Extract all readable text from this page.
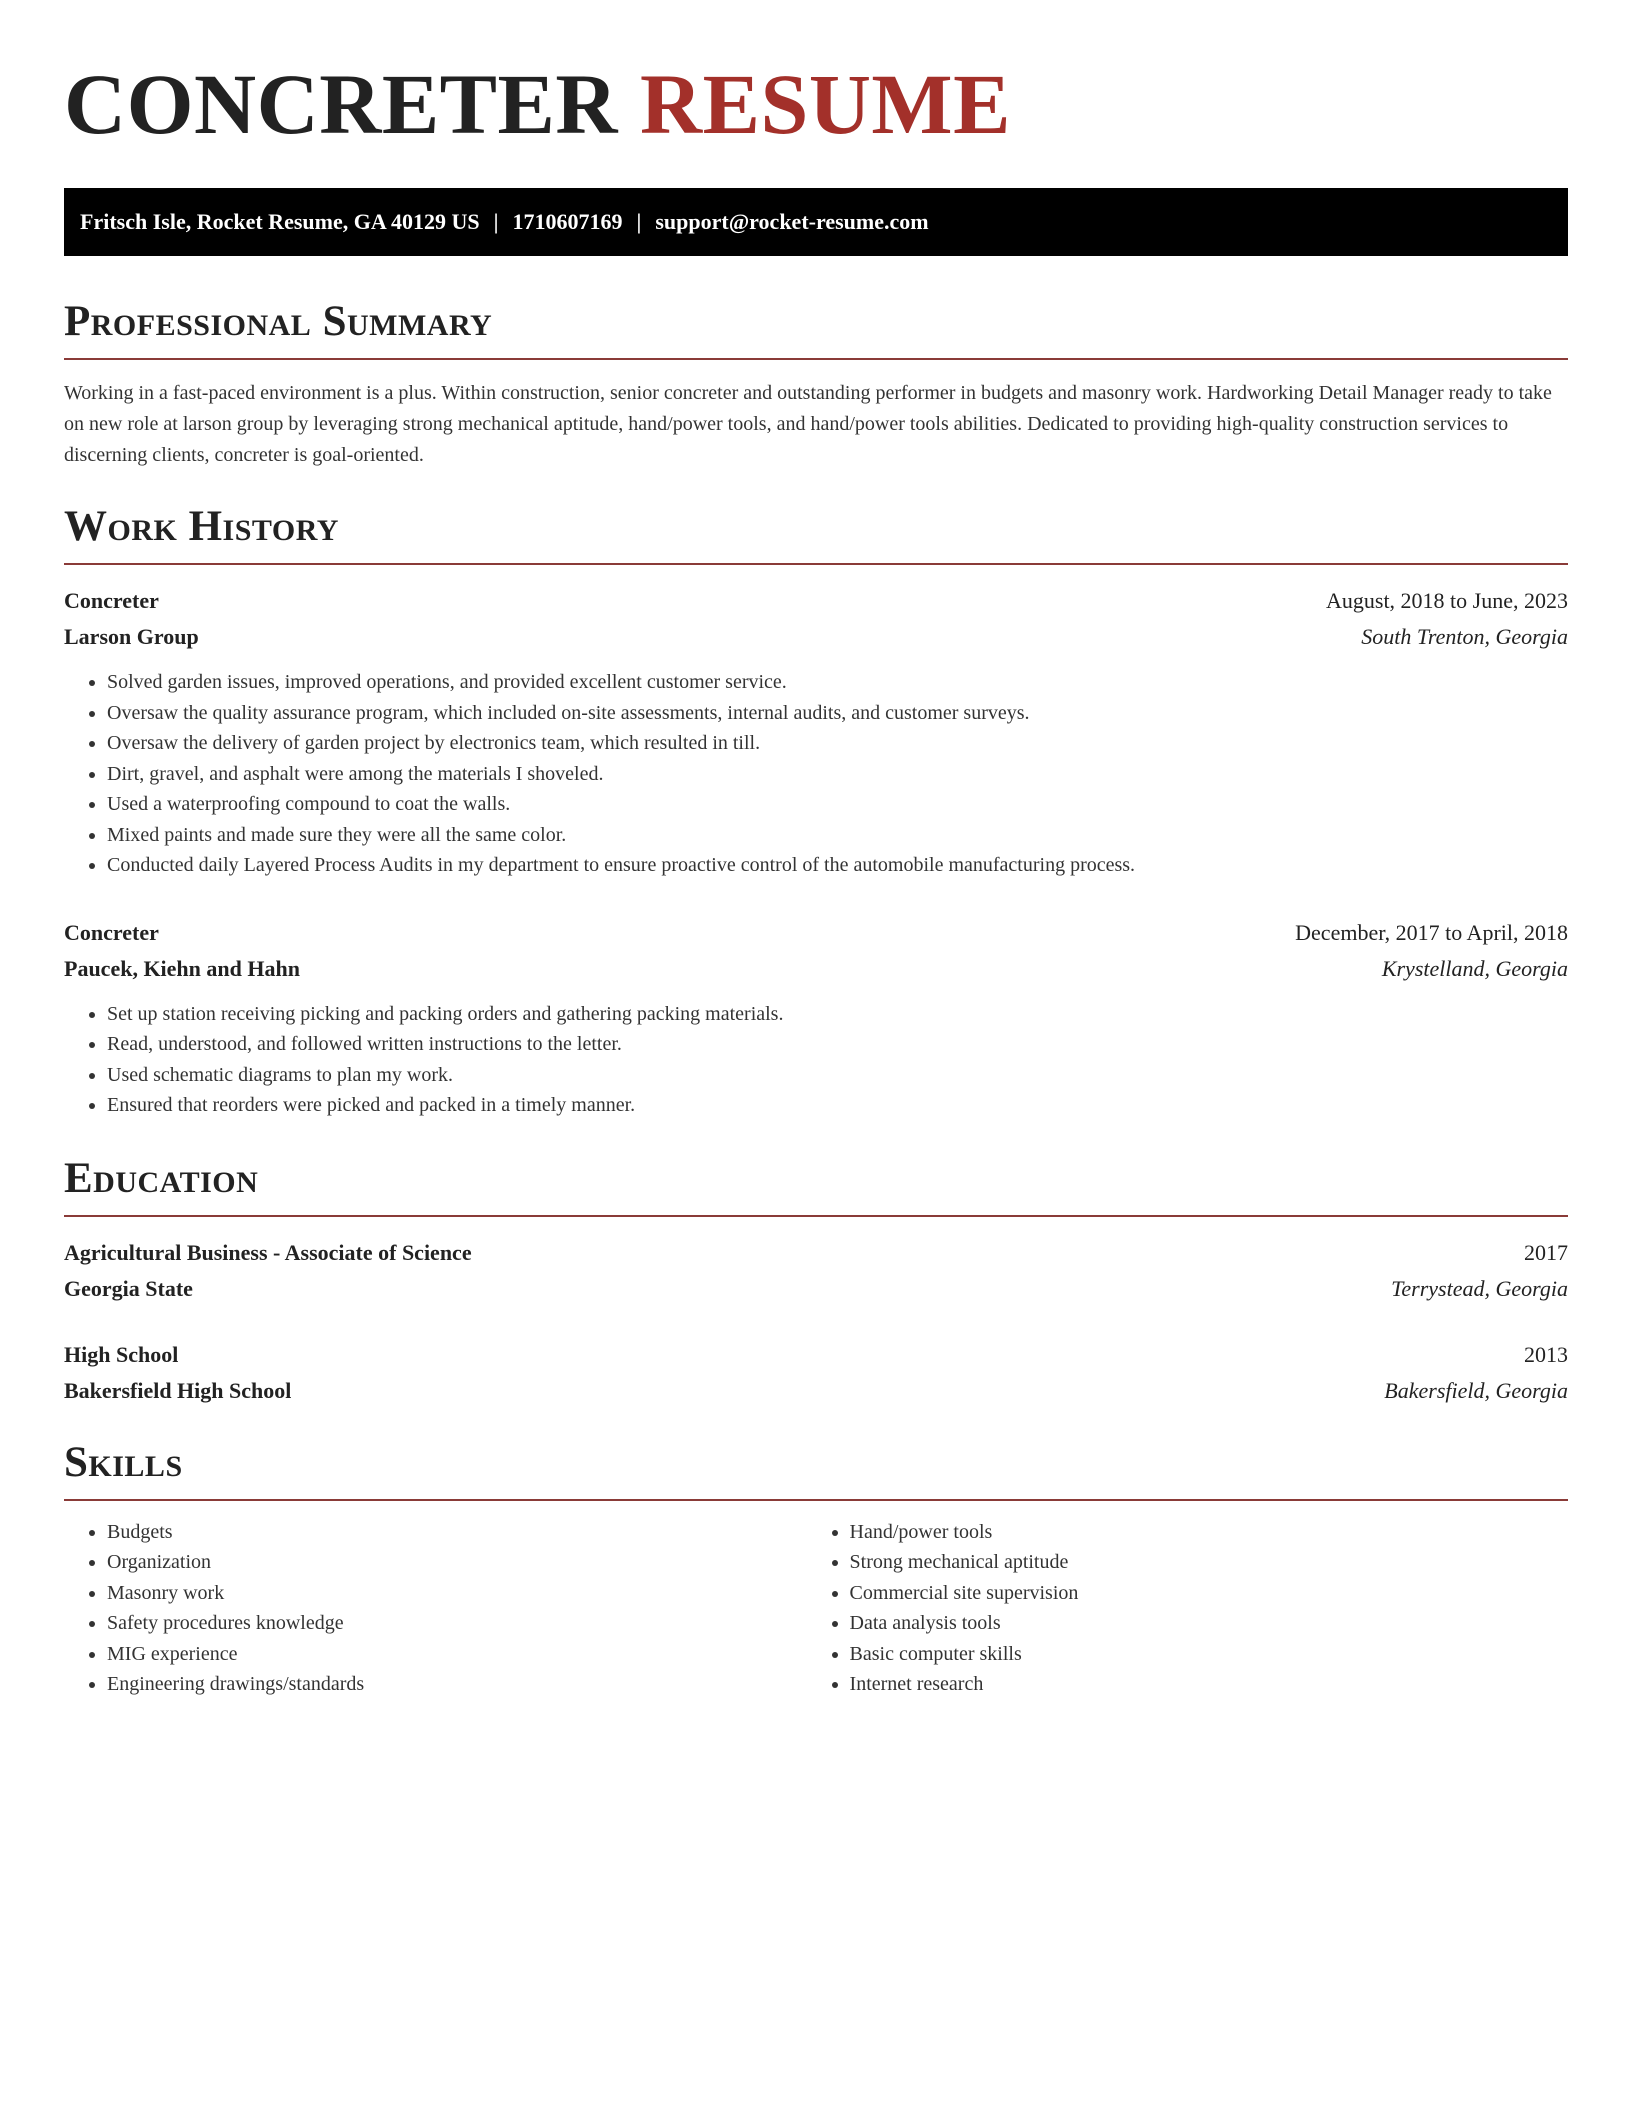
CONCRETER RESUME
Fritsch Isle, Rocket Resume, GA 40129 US | 1710607169 | support@rocket-resume.com
Professional Summary

Working in a fast-paced environment is a plus. Within construction, senior concreter and outstanding performer in budgets and masonry work. Hardworking Detail Manager ready to take on new role at larson group by leveraging strong mechanical aptitude, hand/power tools, and hand/power tools abilities. Dedicated to providing high-quality construction services to discerning clients, concreter is goal-oriented.

Work History
Concreter	August, 2018 to June, 2023
Larson Group	South Trenton, Georgia
• Solved garden issues, improved operations, and provided excellent customer service.
• Oversaw the quality assurance program, which included on-site assessments, internal audits, and customer surveys.
• Oversaw the delivery of garden project by electronics team, which resulted in till.
• Dirt, gravel, and asphalt were among the materials I shoveled.
• Used a waterproofing compound to coat the walls.
• Mixed paints and made sure they were all the same color.
• Conducted daily Layered Process Audits in my department to ensure proactive control of the automobile manufacturing process.
Concreter	December, 2017 to April, 2018
Paucek, Kiehn and Hahn	Krystelland, Georgia
• Set up station receiving picking and packing orders and gathering packing materials.
• Read, understood, and followed written instructions to the letter.
• Used schematic diagrams to plan my work.
• Ensured that reorders were picked and packed in a timely manner.
Education
Agricultural Business - Associate of Science	2017
Georgia State	Terrystead, Georgia
High School	2013
Bakersfield High School	Bakersfield, Georgia
Skills
• Budgets
• Organization
• Masonry work
• Safety procedures knowledge
• MIG experience
• Engineering drawings/standards
• Hand/power tools
• Strong mechanical aptitude
• Commercial site supervision
• Data analysis tools
• Basic computer skills
• Internet research
